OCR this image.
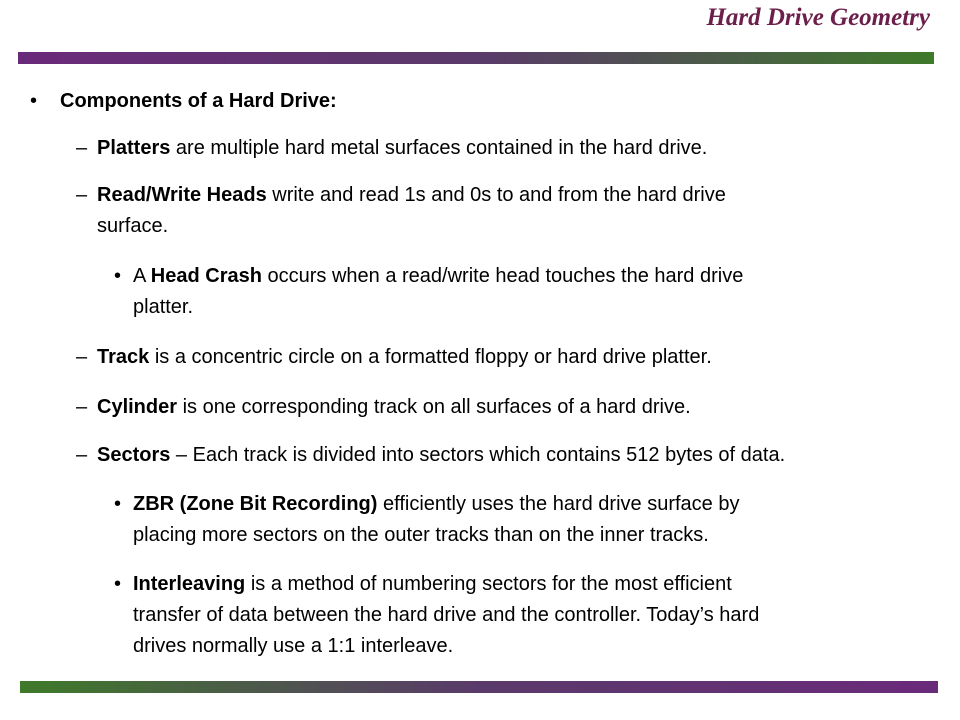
Hard Drive Geometry
• Components of a Hard Drive:
– Platters are multiple hard metal surfaces contained in the hard drive.
– Read/Write Heads write and read 1s and 0s to and from the hard drive
surface.
• A Head Crash occurs when a read/write head touches the hard drive
platter.
– Track is a concentric circle on a formatted floppy or hard drive platter.
– Cylinder is one corresponding track on all surfaces of a hard drive.
– Sectors – Each track is divided into sectors which contains 512 bytes of data.
• ZBR (Zone Bit Recording) efficiently uses the hard drive surface by
placing more sectors on the outer tracks than on the inner tracks.
• Interleaving is a method of numbering sectors for the most efficient
transfer of data between the hard drive and the controller. Today’s hard
drives normally use a 1:1 interleave.
